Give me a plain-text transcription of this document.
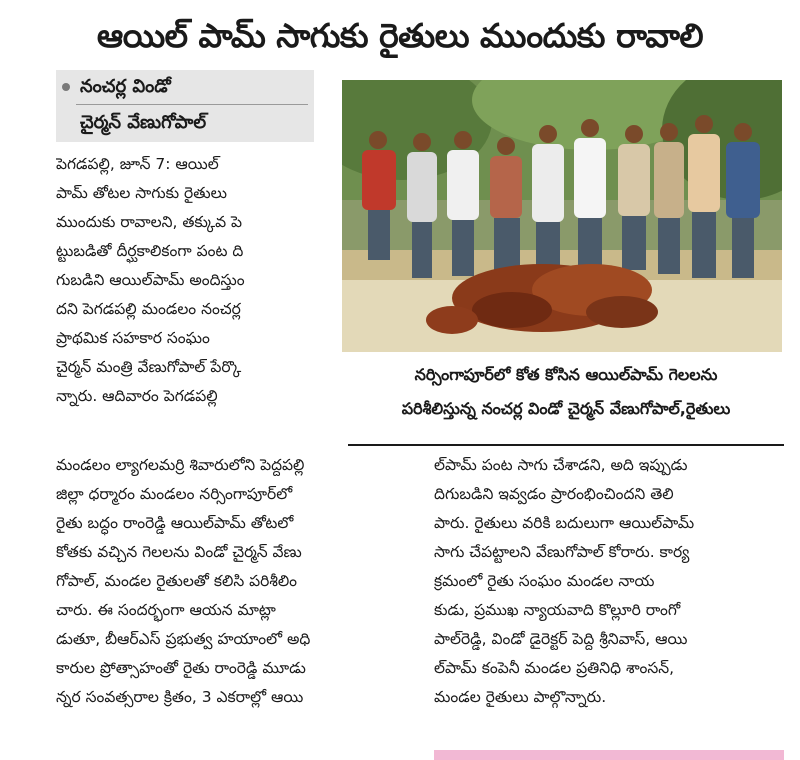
ఆయిల్ పామ్ సాగుకు రైతులు ముందుకు రావాలి
నంచర్ల విండో
చైర్మన్ వేణుగోపాల్
పెగడపల్లి, జూన్ 7: ఆయిల్
పామ్ తోటల సాగుకు రైతులు
ముందుకు రావాలని, తక్కువ పె
ట్టుబడితో దీర్ఘకాలికంగా పంట ది
గుబడిని ఆయిల్‌పామ్ అందిస్తుం
దని పెగడపల్లి మండలం నంచర్ల
ప్రాథమిక సహకార సంఘం
చైర్మన్ మంత్రి వేణుగోపాల్ పేర్కొ
న్నారు. ఆదివారం పెగడపల్లి
నర్సింగాపూర్‌లో కోత కోసిన ఆయిల్‌పామ్ గెలలను
పరిశీలిస్తున్న నంచర్ల విండో చైర్మన్ వేణుగోపాల్,రైతులు
మండలం ల్యాగలమర్రి శివారులోని పెద్దపల్లి
జిల్లా ధర్మారం మండలం నర్సింగాపూర్‌లో
రైతు బద్ధం రాంరెడ్డి ఆయిల్‌పామ్ తోటలో
కోతకు వచ్చిన గెలలను విండో చైర్మన్ వేణు
గోపాల్, మండల రైతులతో కలిసి పరిశీలిం
చారు. ఈ సందర్భంగా ఆయన మాట్లా
డుతూ, బీఆర్‌ఎస్ ప్రభుత్వ హయాంలో అధి
కారుల ప్రోత్సాహంతో రైతు రాంరెడ్డి మూడు
న్నర సంవత్సరాల క్రితం, 3 ఎకరాల్లో ఆయి
ల్‌పామ్ పంట సాగు చేశాడని, అది ఇప్పుడు
దిగుబడిని ఇవ్వడం ప్రారంభించిందని తెలి
పారు. రైతులు వరికి బదులుగా ఆయిల్‌పామ్
సాగు చేపట్టాలని వేణుగోపాల్ కోరారు. కార్య
క్రమంలో రైతు సంఘం మండల నాయ
కుడు, ప్రముఖ న్యాయవాది కొల్లూరి రాంగో
పాల్‌రెడ్డి, విండో డైరెక్టర్ పెద్ది శ్రీనివాస్, ఆయి
ల్‌పామ్ కంపెనీ మండల ప్రతినిధి శాంసన్,
మండల రైతులు పాల్గొన్నారు.
